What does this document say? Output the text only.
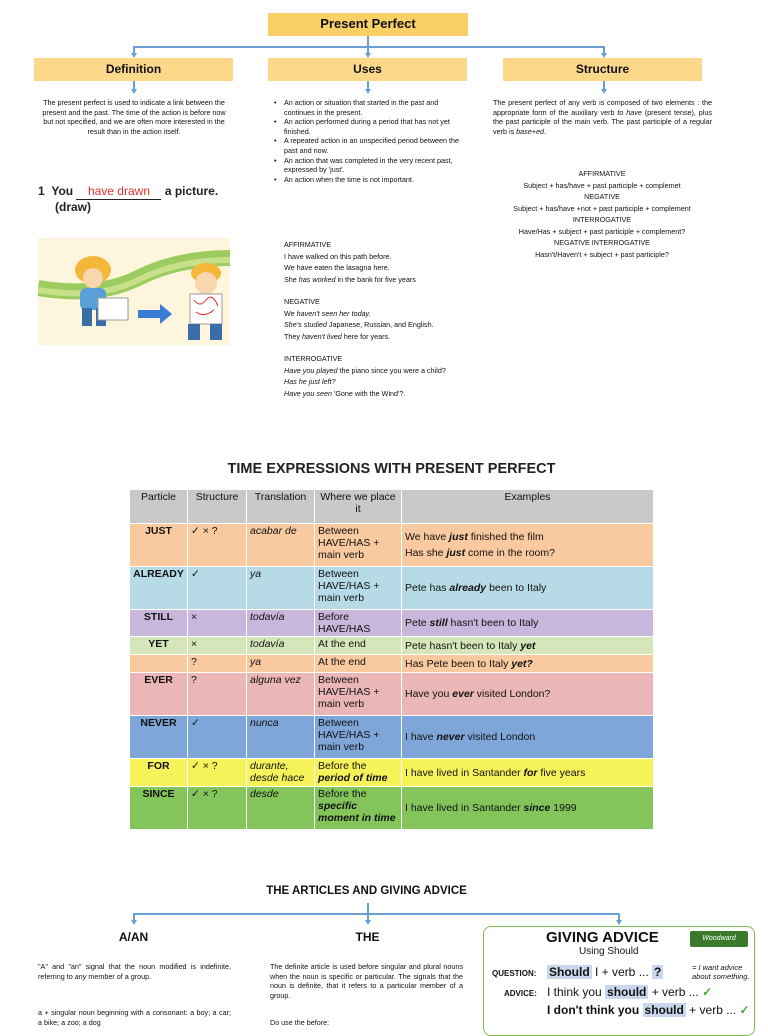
Present Perfect
Definition	Uses	Structure
The present perfect is used to indicate a link between the present and the past. The time of the action is before now but not specified, and we are often more interested in the result than in the action itself.
1 You have drawn a picture.
(draw)
• An action or situation that started in the past and continues in the present.
• An action performed during a period that has not yet finished.
• A repeated action in an unspecified period between the past and now.
• An action that was completed in the very recent past, expressed by 'just'.
• An action when the time is not important.
AFFIRMATIVE
I have walked on this path before.
We have eaten the lasagna here.
She has worked in the bank for five years
NEGATIVE
We haven't seen her today.
She's studied Japanese, Russian, and English.
They haven't lived here for years.
INTERROGATIVE
Have you played the piano since you were a child?
Has he just left?
Have you seen 'Gone with the Wind'?.
The present perfect of any verb is composed of two elements : the appropriate form of the auxiliary verb to have (present tense), plus the past participle of the main verb. The past participle of a regular verb is base+ed.
AFFIRMATIVE
Subject + has/have + past participle + complemet
NEGATIVE
Subject + has/have +not + past participle + complement
INTERROGATIVE
Have/Has + subject + past participle + complement?
NEGATIVE INTERROGATIVE
Hasn't/Haven't + subject + past participle?
TIME EXPRESSIONS WITH PRESENT PERFECT
Particle	Structure	Translation	Where we place it	Examples
JUST	✓ × ?	acabar de	Between HAVE/HAS + main verb	We have just finished the film
Has she just come in the room?

ALREADY	✓	ya	Between HAVE/HAS + main verb	Pete has already been to Italy

STILL	×	todavía	Before HAVE/HAS	Pete still hasn't been to Italy

YET	×	todavía	At the end	Pete hasn't been to Italy yet

	?	ya	At the end	Has Pete been to Italy yet?

EVER	?	alguna vez	Between HAVE/HAS + main verb	Have you ever visited London?

NEVER	✓	nunca	Between HAVE/HAS + main verb	I have never visited London

FOR	✓ × ?	durante, desde hace	Before the period of time	I have lived in Santander for five years

SINCE	✓ × ?	desde	Before the specific moment in time	I have lived in Santander since 1999
THE ARTICLES AND GIVING ADVICE
A/AN
"A" and "an" signal that the noun modified is indefinite, referring to any member of a group.
a + singular noun beginning with a consonant: a boy; a car; a bike; a zoo; a dog
THE
The definite article is used before singular and plural nouns when the noun is specific or particular. The signals that the noun is definite, that it refers to a particular member of a group.
Do use the before:
GIVING ADVICE
Using Should
Woodward
QUESTION: Should I + verb ... ?	= I want advice about something.
ADVICE: I think you should + verb ... ✓
I don't think you should + verb ... ✓
